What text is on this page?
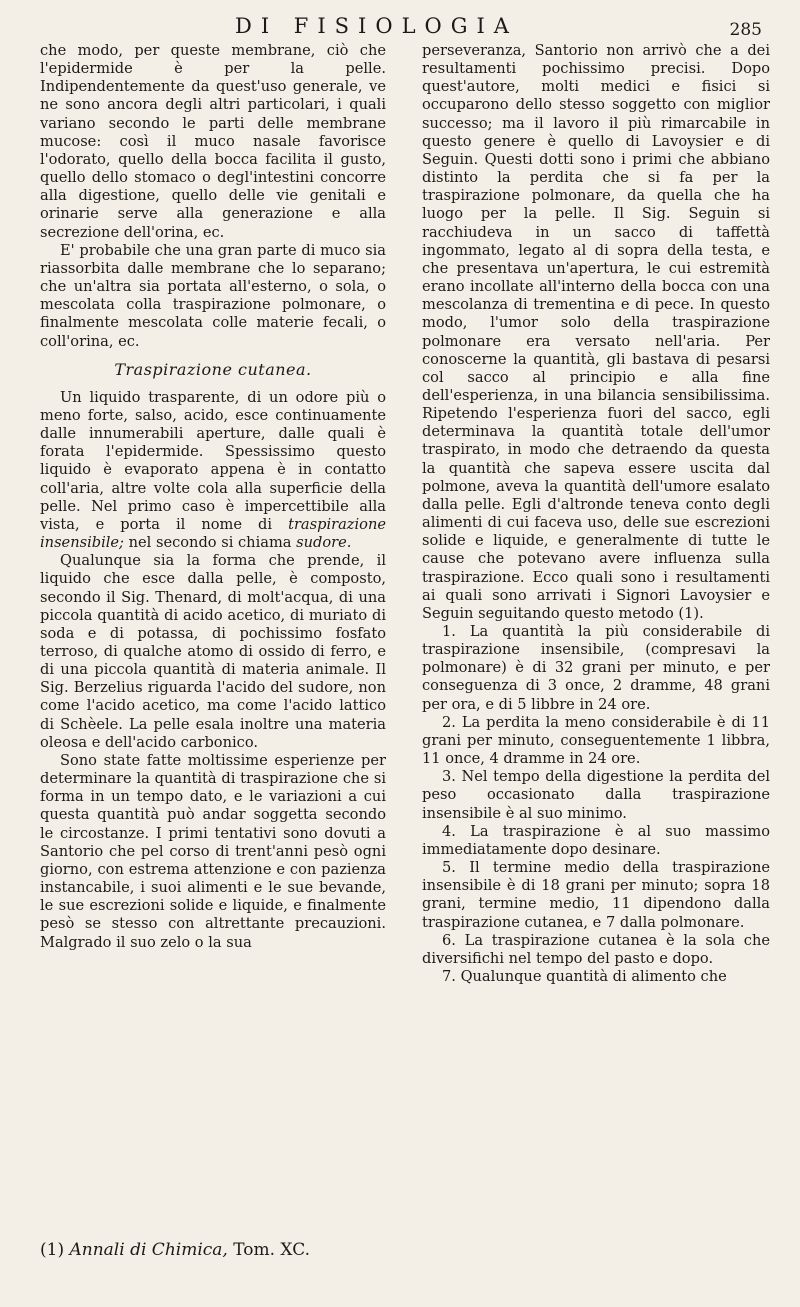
DI FISIOLOGIA	285

che modo, per queste membrane, ciò che l'epidermide è per la pelle. Indipendentemente da quest'uso generale, ve ne sono ancora degli altri particolari, i quali variano secondo le parti delle membrane mucose: così il muco nasale favorisce l'odorato, quello della bocca facilita il gusto, quello dello stomaco o degl'intestini concorre alla digestione, quello delle vie genitali e orinarie serve alla generazione e alla secrezione dell'orina, ec.

E' probabile che una gran parte di muco sia riassorbita dalle membrane che lo separano; che un'altra sia portata all'esterno, o sola, o mescolata colla traspirazione polmonare, o finalmente mescolata colle materie fecali, o coll'orina, ec.

Traspirazione cutanea.

Un liquido trasparente, di un odore più o meno forte, salso, acido, esce continuamente dalle innumerabili aperture, dalle quali è forata l'epidermide. Spessissimo questo liquido è evaporato appena è in contatto coll'aria, altre volte cola alla superficie della pelle. Nel primo caso è impercettibile alla vista, e porta il nome di traspirazione insensibile; nel secondo si chiama sudore.

Qualunque sia la forma che prende, il liquido che esce dalla pelle, è composto, secondo il Sig. Thenard, di molt'acqua, di una piccola quantità di acido acetico, di muriato di soda e di potassa, di pochissimo fosfato terroso, di qualche atomo di ossido di ferro, e di una piccola quantità di materia animale. Il Sig. Berzelius riguarda l'acido del sudore, non come l'acido acetico, ma come l'acido lattico di Schèele. La pelle esala inoltre una materia oleosa e dell'acido carbonico.

Sono state fatte moltissime esperienze per determinare la quantità di traspirazione che si forma in un tempo dato, e le variazioni a cui questa quantità può andar soggetta secondo le circostanze. I primi tentativi sono dovuti a Santorio che pel corso di trent'anni pesò ogni giorno, con estrema attenzione e con pazienza instancabile, i suoi alimenti e le sue bevande, le sue escrezioni solide e liquide, e finalmente pesò se stesso con altrettante precauzioni. Malgrado il suo zelo o la sua

perseveranza, Santorio non arrivò che a dei resultamenti pochissimo precisi. Dopo quest'autore, molti medici e fisici si occuparono dello stesso soggetto con miglior successo; ma il lavoro il più rimarcabile in questo genere è quello di Lavoysier e di Seguin. Questi dotti sono i primi che abbiano distinto la perdita che si fa per la traspirazione polmonare, da quella che ha luogo per la pelle. Il Sig. Seguin si racchiudeva in un sacco di taffettà ingommato, legato al di sopra della testa, e che presentava un'apertura, le cui estremità erano incollate all'interno della bocca con una mescolanza di trementina e di pece. In questo modo, l'umor solo della traspirazione polmonare era versato nell'aria. Per conoscerne la quantità, gli bastava di pesarsi col sacco al principio e alla fine dell'esperienza, in una bilancia sensibilissima. Ripetendo l'esperienza fuori del sacco, egli determinava la quantità totale dell'umor traspirato, in modo che detraendo da questa la quantità che sapeva essere uscita dal polmone, aveva la quantità dell'umore esalato dalla pelle. Egli d'altronde teneva conto degli alimenti di cui faceva uso, delle sue escrezioni solide e liquide, e generalmente di tutte le cause che potevano avere influenza sulla traspirazione. Ecco quali sono i resultamenti ai quali sono arrivati i Signori Lavoysier e Seguin seguitando questo metodo (1).

1. La quantità la più considerabile di traspirazione insensibile, (compresavi la polmonare) è di 32 grani per minuto, e per conseguenza di 3 once, 2 dramme, 48 grani per ora, e di 5 libbre in 24 ore.

2. La perdita la meno considerabile è di 11 grani per minuto, conseguentemente 1 libbra, 11 once, 4 dramme in 24 ore.

3. Nel tempo della digestione la perdita del peso occasionato dalla traspirazione insensibile è al suo minimo.

4. La traspirazione è al suo massimo immediatamente dopo desinare.

5. Il termine medio della traspirazione insensibile è di 18 grani per minuto; sopra 18 grani, termine medio, 11 dipendono dalla traspirazione cutanea, e 7 dalla polmonare.

6. La traspirazione cutanea è la sola che diversifichi nel tempo del pasto e dopo.

7. Qualunque quantità di alimento che

(1) Annali di Chimica, Tom. XC.
